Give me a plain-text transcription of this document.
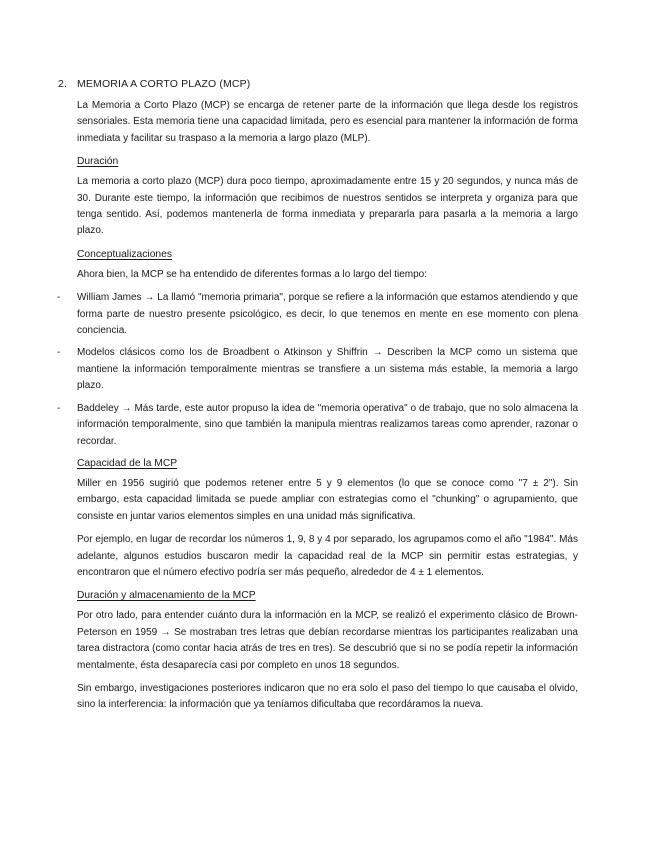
2. MEMORIA A CORTO PLAZO (MCP)

La Memoria a Corto Plazo (MCP) se encarga de retener parte de la información que llega desde los registros sensoriales. Esta memoria tiene una capacidad limitada, pero es esencial para mantener la información de forma inmediata y facilitar su traspaso a la memoria a largo plazo (MLP).

Duración

La memoria a corto plazo (MCP) dura poco tiempo, aproximadamente entre 15 y 20 segundos, y nunca más de 30. Durante este tiempo, la información que recibimos de nuestros sentidos se interpreta y organiza para que tenga sentido. Así, podemos mantenerla de forma inmediata y prepararla para pasarla a la memoria a largo plazo.

Conceptualizaciones

Ahora bien, la MCP se ha entendido de diferentes formas a lo largo del tiempo:

- William James → La llamó "memoria primaria", porque se refiere a la información que estamos atendiendo y que forma parte de nuestro presente psicológico, es decir, lo que tenemos en mente en ese momento con plena conciencia.
- Modelos clásicos como los de Broadbent o Atkinson y Shiffrin → Describen la MCP como un sistema que mantiene la información temporalmente mientras se transfiere a un sistema más estable, la memoria a largo plazo.
- Baddeley → Más tarde, este autor propuso la idea de "memoria operativa" o de trabajo, que no solo almacena la información temporalmente, sino que también la manipula mientras realizamos tareas como aprender, razonar o recordar.
Capacidad de la MCP

Miller en 1956 sugirió que podemos retener entre 5 y 9 elementos (lo que se conoce como "7 ± 2"). Sin embargo, esta capacidad limitada se puede ampliar con estrategias como el "chunking" o agrupamiento, que consiste en juntar varios elementos simples en una unidad más significativa.

Por ejemplo, en lugar de recordar los números 1, 9, 8 y 4 por separado, los agrupamos como el año "1984". Más adelante, algunos estudios buscaron medir la capacidad real de la MCP sin permitir estas estrategias, y encontraron que el número efectivo podría ser más pequeño, alrededor de 4 ± 1 elementos.

Duración y almacenamiento de la MCP

Por otro lado, para entender cuánto dura la información en la MCP, se realizó el experimento clásico de Brown-Peterson en 1959 → Se mostraban tres letras que debían recordarse mientras los participantes realizaban una tarea distractora (como contar hacia atrás de tres en tres). Se descubrió que si no se podía repetir la información mentalmente, ésta desaparecía casi por completo en unos 18 segundos.

Sin embargo, investigaciones posteriores indicaron que no era solo el paso del tiempo lo que causaba el olvido, sino la interferencia: la información que ya teníamos dificultaba que recordáramos la nueva.
